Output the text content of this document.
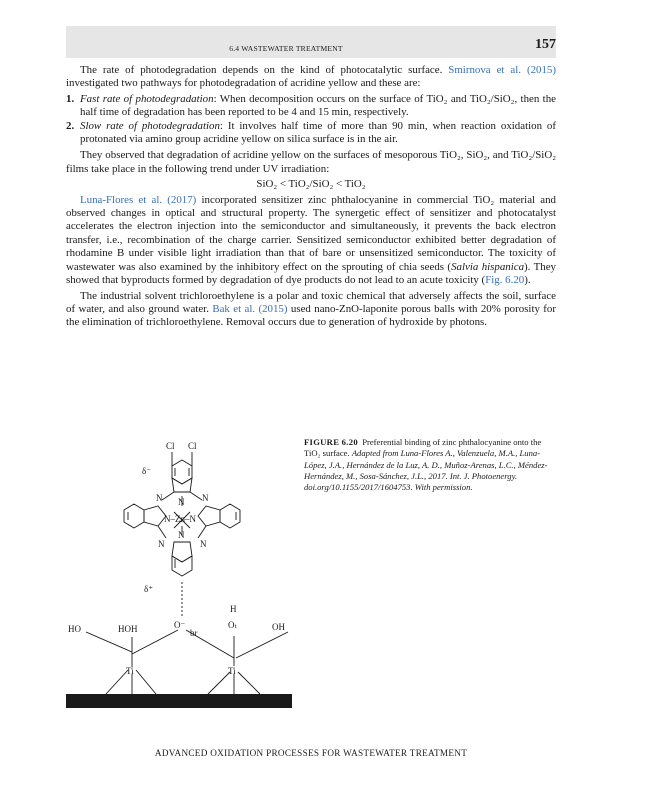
6.4 WASTEWATER TREATMENT	157

The rate of photodegradation depends on the kind of photocatalytic surface. Smirnova et al. (2015) investigated two pathways for photodegradation of acridine yellow and these are:

1. Fast rate of photodegradation: When decomposition occurs on the surface of TiO₂ and TiO₂/SiO₂, then the half time of degradation has been reported to be 4 and 15 min, respectively.
2. Slow rate of photodegradation: It involves half time of more than 90 min, when reaction oxidation of protonated via amino group acridine yellow on silica surface is in the air.

They observed that degradation of acridine yellow on the surfaces of mesoporous TiO₂, SiO₂, and TiO₂/SiO₂ films take place in the following trend under UV irradiation:

SiO₂ < TiO₂/SiO₂ < TiO₂

Luna-Flores et al. (2017) incorporated sensitizer zinc phthalocyanine in commercial TiO₂ material and observed changes in optical and structural property. The synergetic effect of sensitizer and photocatalyst accelerates the electron injection into the semiconductor and simultaneously, it prevents the back electron transfer, i.e., recombination of the charge carrier. Sensitized semiconductor exhibited better degradation of rhodamine B under visible light irradiation than that of bare or unsensitized semiconductor. The toxicity of wastewater was also examined by the inhibitory effect on the sprouting of chia seeds (Salvia hispanica). They showed that byproducts formed by degradation of dye products do not lead to an acute toxicity (Fig. 6.20).

The industrial solvent trichloroethylene is a polar and toxic chemical that adversely affects the soil, surface of water, and also ground water. Bak et al. (2015) used nano-ZnO-laponite porous balls with 20% porosity for the elimination of trichloroethylene. Removal occurs due to generation of hydroxide by photons.

Cl Cl
δ⁻
N	N
N
N–Zn–N
N
N	N
δ⁺
H
O⁻	Oₜ
br
HO	HOH	OH
Ti	Ti
FIGURE 6.20 Preferential binding of zinc phthalocyanine onto the TiO₂ surface. Adapted from Luna-Flores A., Valenzuela, M.A., Luna-López, J.A., Hernández de la Luz, A. D., Muñoz-Arenas, L.C., Méndez-Hernández, M., Sosa-Sánchez, J.L., 2017. Int. J. Photoenergy. doi.org/10.1155/2017/1604753. With permission.
ADVANCED OXIDATION PROCESSES FOR WASTEWATER TREATMENT
